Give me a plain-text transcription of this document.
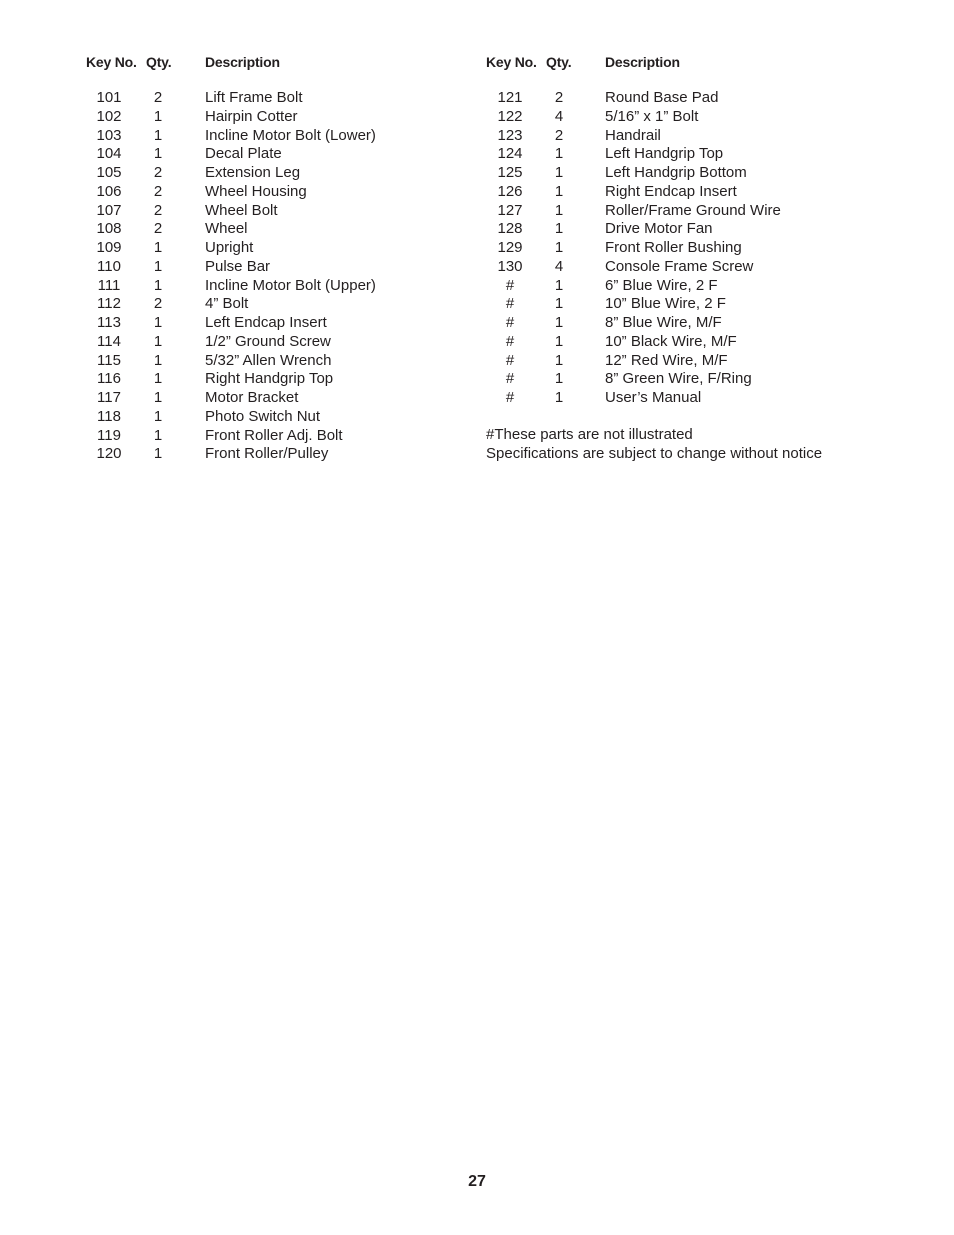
Key No. Qty. Description	Key No. Qty. Description
101	2	Lift Frame Bolt	121	2	Round Base Pad
102	1	Hairpin Cotter	122	4	5/16” x 1” Bolt
103	1	Incline Motor Bolt (Lower)	123	2	Handrail
104	1	Decal Plate	124	1	Left Handgrip Top
105	2	Extension Leg	125	1	Left Handgrip Bottom
106	2	Wheel Housing	126	1	Right Endcap Insert
107	2	Wheel Bolt	127	1	Roller/Frame Ground Wire
108	2	Wheel	128	1	Drive Motor Fan
109	1	Upright	129	1	Front Roller Bushing
110	1	Pulse Bar	130	4	Console Frame Screw
111	1	Incline Motor Bolt (Upper)	#	1	6” Blue Wire, 2 F
112	2	4” Bolt	#	1	10” Blue Wire, 2 F
113	1	Left Endcap Insert	#	1	8” Blue Wire, M/F
114	1	1/2” Ground Screw	#	1	10” Black Wire, M/F
115	1	5/32” Allen Wrench	#	1	12” Red Wire, M/F
116	1	Right Handgrip Top	#	1	8” Green Wire, F/Ring
117	1	Motor Bracket	#	1	User’s Manual
118	1	Photo Switch Nut
119	1	Front Roller Adj. Bolt
120	1	Front Roller/Pulley
#These parts are not illustrated
Specifications are subject to change without notice
27
